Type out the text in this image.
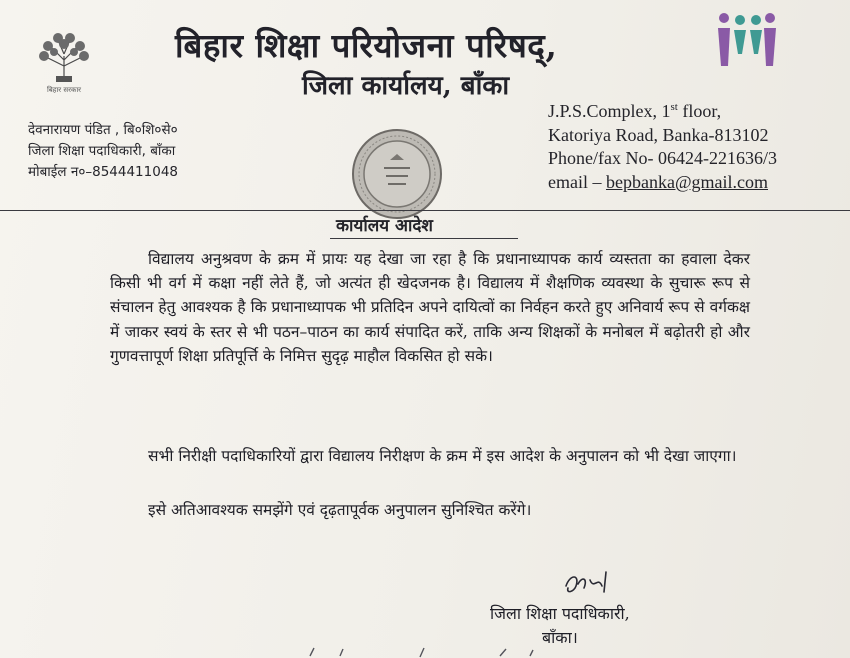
बिहार सरकार
बिहार शिक्षा परियोजना परिषद्,
जिला कार्यालय, बाँका
देवनारायण पंडित , बि०शि०से०
जिला शिक्षा पदाधिकारी, बाँका
मोबाईल न०–8544411048
J.P.S.Complex, 1st floor,
Katoriya Road, Banka-813102
Phone/fax No- 06424-221636/3
email – bepbanka@gmail.com
कार्यालय आदेश
विद्यालय अनुश्रवण के क्रम में प्रायः यह देखा जा रहा है कि प्रधानाध्यापक कार्य व्यस्तता का हवाला देकर किसी भी वर्ग में कक्षा नहीं लेते हैं, जो अत्यंत ही खेदजनक है। विद्यालय में शैक्षणिक व्यवस्था के सुचारू रूप से संचालन हेतु आवश्यक है कि प्रधानाध्यापक भी प्रतिदिन अपने दायित्वों का निर्वहन करते हुए अनिवार्य रूप से वर्गकक्ष में जाकर स्वयं के स्तर से भी पठन–पाठन का कार्य संपादित करें, ताकि अन्य शिक्षकों के मनोबल में बढ़ोतरी हो और गुणवत्तापूर्ण शिक्षा प्रतिपूर्त्ति के निमित्त सुदृढ़ माहौल विकसित हो सके।
सभी निरीक्षी पदाधिकारियों द्वारा विद्यालय निरीक्षण के क्रम में इस आदेश के अनुपालन को भी देखा जाएगा।
इसे अतिआवश्यक समझेंगे एवं दृढ़तापूर्वक अनुपालन सुनिश्चित करेंगे।
जिला शिक्षा पदाधिकारी,
बाँका।
